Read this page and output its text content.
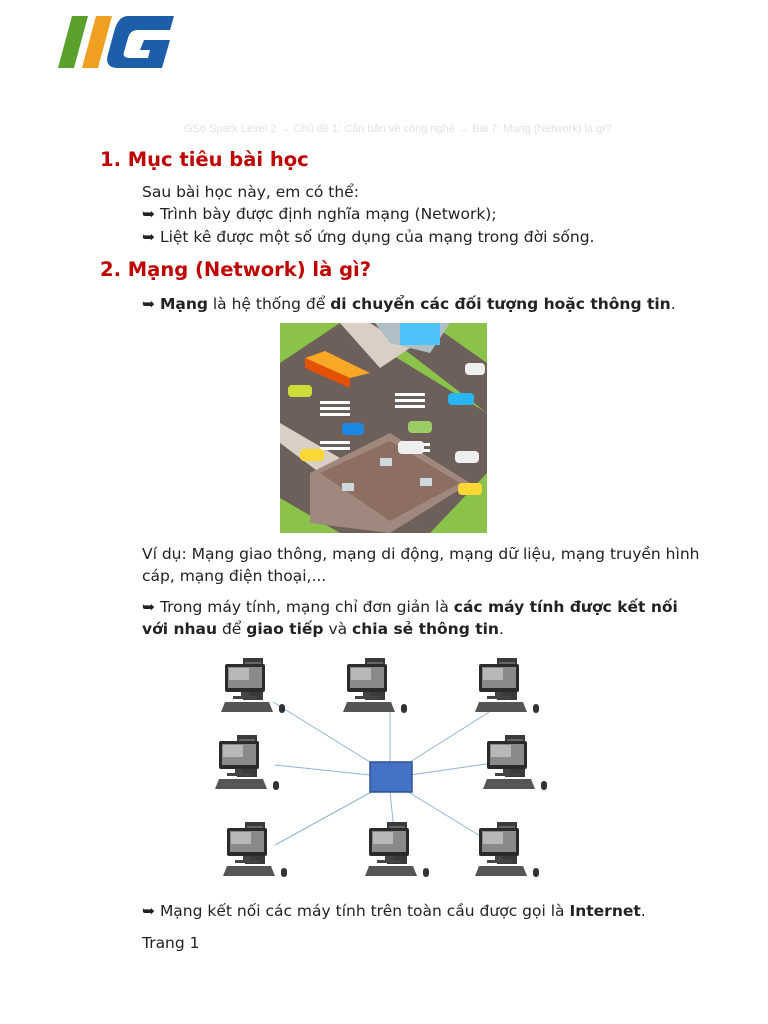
GS6 Spark Level 2 → Chủ đề 1: Căn bản về công nghệ → Bài 7: Mạng (Network) là gì?
1. Mục tiêu bài học
Sau bài học này, em có thể:
➥ Trình bày được định nghĩa mạng (Network);
➥ Liệt kê được một số ứng dụng của mạng trong đời sống.
2. Mạng (Network) là gì?
➥ Mạng là hệ thống để di chuyển các đối tượng hoặc thông tin.
Ví dụ: Mạng giao thông, mạng di động, mạng dữ liệu, mạng truyền hình
cáp, mạng điện thoại,...
➥ Trong máy tính, mạng chỉ đơn giản là các máy tính được kết nối
với nhau để giao tiếp và chia sẻ thông tin.
➥ Mạng kết nối các máy tính trên toàn cầu được gọi là Internet.
Trang 1
